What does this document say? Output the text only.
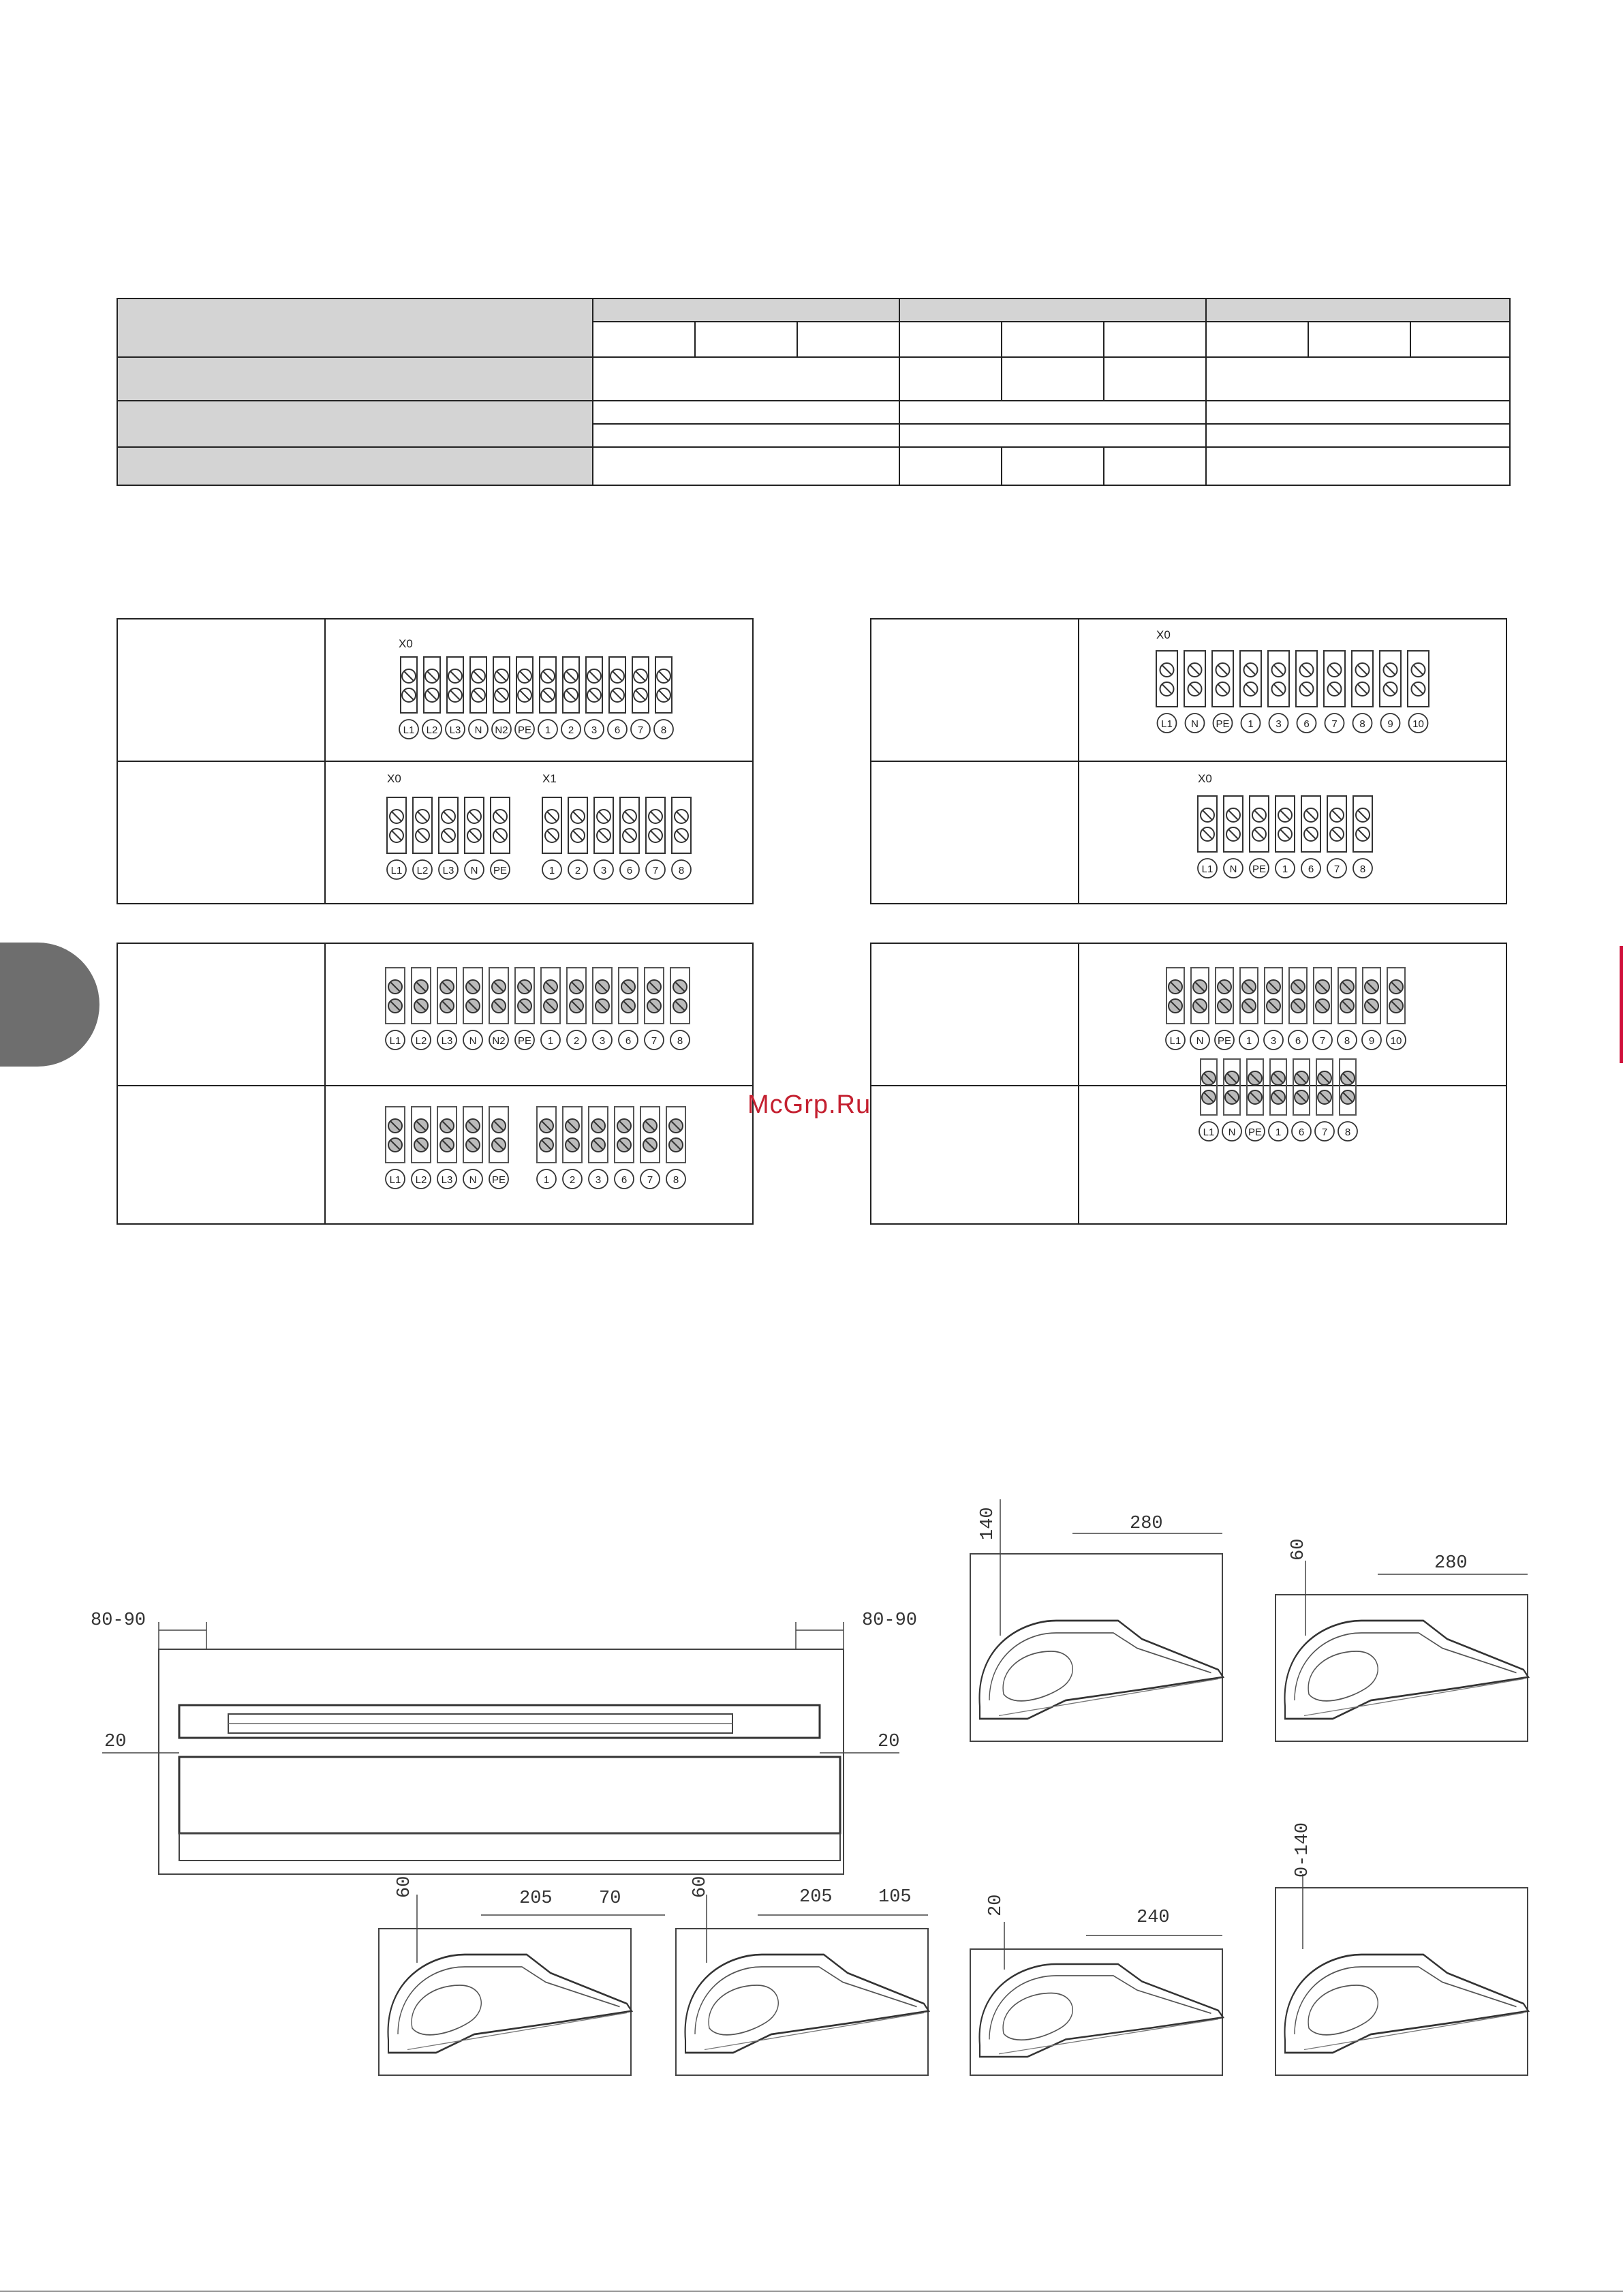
L1 L2 L3 N N2 PE 1 2 3 6 7 8
L1 L2 L3 N PE	1 2 3 6 7 8
L1 N PE 1 3 6 7 8 9 10
L1 N PE 1 6 7 8
L1 L2 L3 N N2 PE 1 2 3 6 7 8
L1 L2 L3 N PE	1 2 3 6 7 8
L1 N PE 1 3 6 7 8 9 10
L1 N PE 1 6 7 8
X0
X0	X1
X0
X0
McGrp.Ru
80-90	80-90
20	20
140	280
60
280
60
205	70
60	205 105	20
240
0-140
